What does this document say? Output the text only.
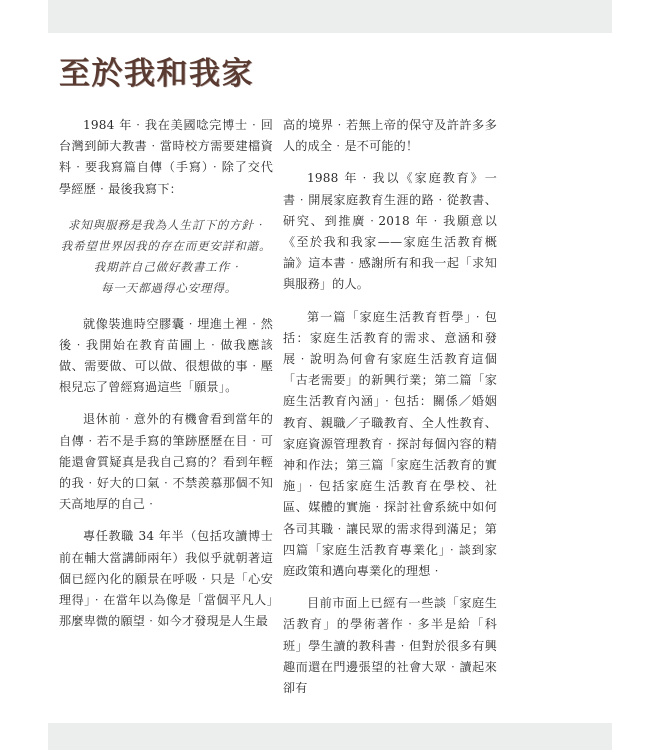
至於我和我家

1984 年‧我在美國唸完博士‧回台灣到師大教書‧當時校方需要建檔資料‧要我寫篇自傳（手寫）‧除了交代學經歷‧最後我寫下：

求知與服務是我為人生訂下的方針‧
我希望世界因我的存在而更安詳和諧。
我期許自己做好教書工作‧
每一天都過得心安理得。

就像裝進時空膠囊‧埋進土裡‧然後‧我開始在教育苗圃上‧做我應該做、需要做、可以做、很想做的事‧壓根兒忘了曾經寫過這些「願景」。

退休前‧意外的有機會看到當年的自傳‧若不是手寫的筆跡歷歷在目‧可能還會質疑真是我自己寫的？看到年輕的我‧好大的口氣‧不禁羨慕那個不知天高地厚的自己‧

專任教職 34 年半（包括攻讀博士前在輔大當講師兩年）我似乎就朝著這個已經內化的願景在呼吸‧只是「心安理得」‧在當年以為像是「當個平凡人」那麼卑微的願望‧如今才發現是人生最

高的境界‧若無上帝的保守及許許多多人的成全‧是不可能的！

1988 年‧我以《家庭教育》一書‧開展家庭教育生涯的路‧從教書、研究、到推廣‧2018 年‧我願意以《至於我和我家——家庭生活教育概論》這本書‧感謝所有和我一起「求知與服務」的人。

第一篇「家庭生活教育哲學」‧包括：家庭生活教育的需求、意涵和發展‧說明為何會有家庭生活教育這個「古老需要」的新興行業；第二篇「家庭生活教育內涵」‧包括：關係／婚姻教育、親職／子職教育、全人性教育、家庭資源管理教育‧探討每個內容的精神和作法；第三篇「家庭生活教育的實施」‧包括家庭生活教育在學校、社區、媒體的實施‧探討社會系統中如何各司其職‧讓民眾的需求得到滿足；第四篇「家庭生活教育專業化」‧談到家庭政策和邁向專業化的理想‧

目前市面上已經有一些談「家庭生活教育」的學術著作‧多半是給「科班」學生讀的教科書‧但對於很多有興趣而還在門邊張望的社會大眾‧讀起來卻有
